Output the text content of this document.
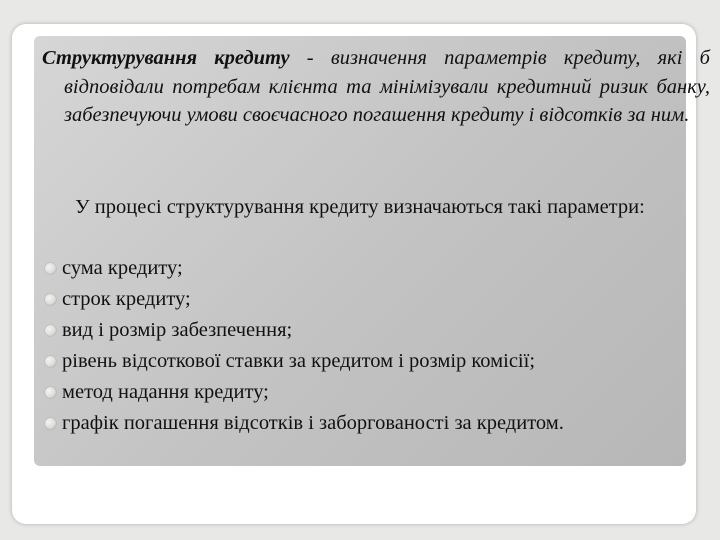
Структурування кредиту - визначення параметрів кредиту, які б відповідали потребам клієнта та мінімізували кредитний ризик банку, забезпечуючи умови своєчасного погашення кредиту і відсотків за ним.

У процесі структурування кредиту визначаються такі параметри:

сума кредиту;
строк кредиту;
вид і розмір забезпечення;
рівень відсоткової ставки за кредитом і розмір комісії;
метод надання кредиту;
графік погашення відсотків і заборгованості за кредитом.
